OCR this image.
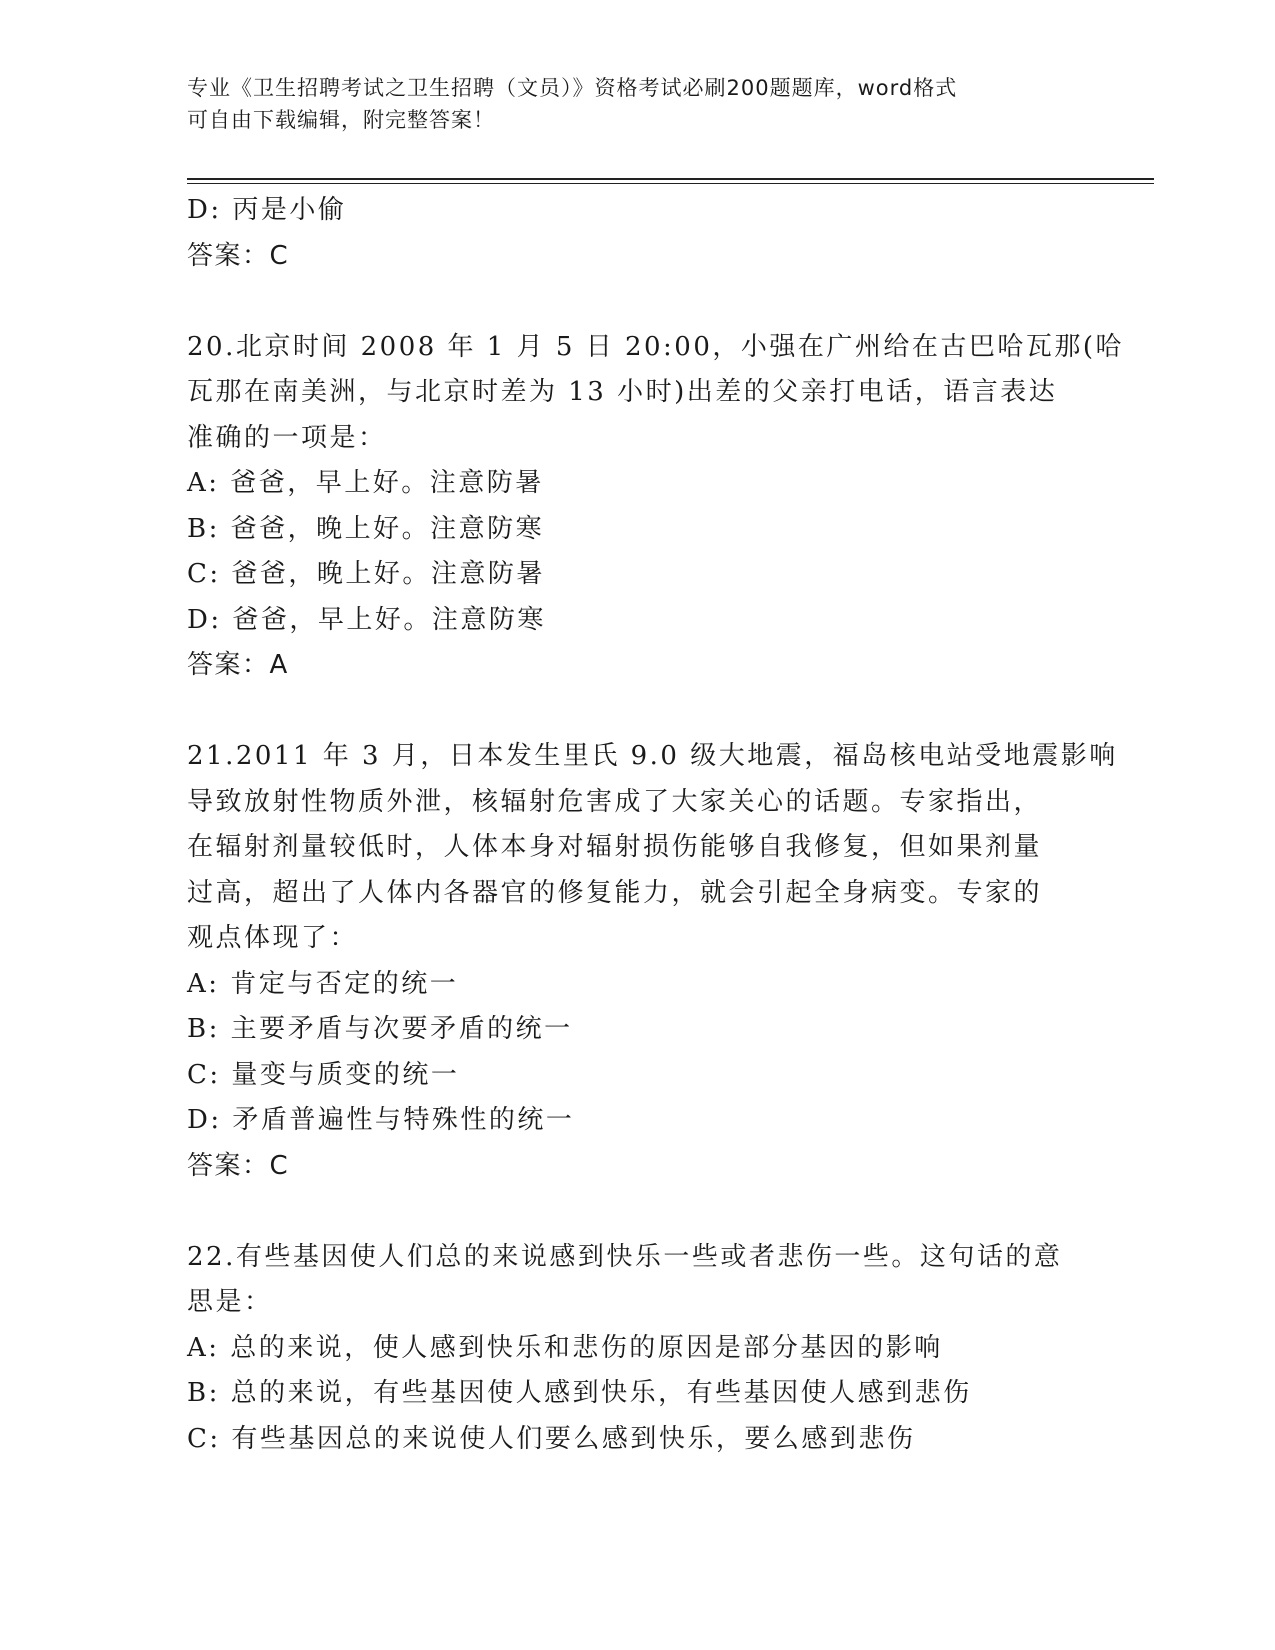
专业《卫生招聘考试之卫生招聘（文员）》资格考试必刷200题题库，word格式
可自由下载编辑，附完整答案！
D: 丙是小偷
答案：C
20.北京时间 2008 年 1 月 5 日 20:00，小强在广州给在古巴哈瓦那(哈
瓦那在南美洲，与北京时差为 13 小时)出差的父亲打电话，语言表达
准确的一项是：
A: 爸爸，早上好。注意防暑
B: 爸爸，晚上好。注意防寒
C: 爸爸，晚上好。注意防暑
D: 爸爸，早上好。注意防寒
答案：A
21.2011 年 3 月，日本发生里氏 9.0 级大地震，福岛核电站受地震影响
导致放射性物质外泄，核辐射危害成了大家关心的话题。专家指出，
在辐射剂量较低时，人体本身对辐射损伤能够自我修复，但如果剂量
过高，超出了人体内各器官的修复能力，就会引起全身病变。专家的
观点体现了：
A: 肯定与否定的统一
B: 主要矛盾与次要矛盾的统一
C: 量变与质变的统一
D: 矛盾普遍性与特殊性的统一
答案：C
22.有些基因使人们总的来说感到快乐一些或者悲伤一些。这句话的意
思是：
A: 总的来说，使人感到快乐和悲伤的原因是部分基因的影响
B: 总的来说，有些基因使人感到快乐，有些基因使人感到悲伤
C: 有些基因总的来说使人们要么感到快乐，要么感到悲伤
